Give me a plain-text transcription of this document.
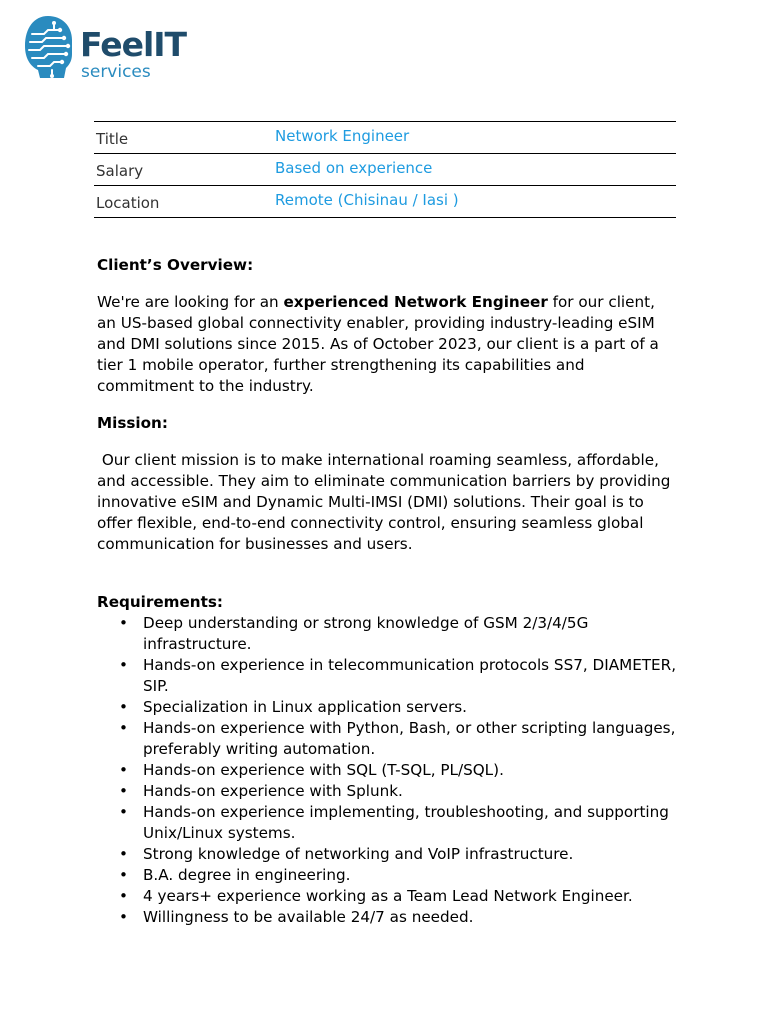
FeelIT
services
Title	Network Engineer
Salary	Based on experience
Location	Remote (Chisinau / Iasi )

Client’s Overview:

We're are looking for an experienced Network Engineer for our client, an US-based global connectivity enabler, providing industry-leading eSIM and DMI solutions since 2015. As of October 2023, our client is a part of a tier 1 mobile operator, further strengthening its capabilities and commitment to the industry.

Mission:

Our client mission is to make international roaming seamless, affordable, and accessible. They aim to eliminate communication barriers by providing innovative eSIM and Dynamic Multi-IMSI (DMI) solutions. Their goal is to offer flexible, end-to-end connectivity control, ensuring seamless global communication for businesses and users.

Requirements:

• Deep understanding or strong knowledge of GSM 2/3/4/5G infrastructure.
• Hands-on experience in telecommunication protocols SS7, DIAMETER, SIP.
• Specialization in Linux application servers.
• Hands-on experience with Python, Bash, or other scripting languages, preferably writing automation.
• Hands-on experience with SQL (T-SQL, PL/SQL).
• Hands-on experience with Splunk.
• Hands-on experience implementing, troubleshooting, and supporting Unix/Linux systems.
• Strong knowledge of networking and VoIP infrastructure.
• B.A. degree in engineering.
• 4 years+ experience working as a Team Lead Network Engineer.
• Willingness to be available 24/7 as needed.
